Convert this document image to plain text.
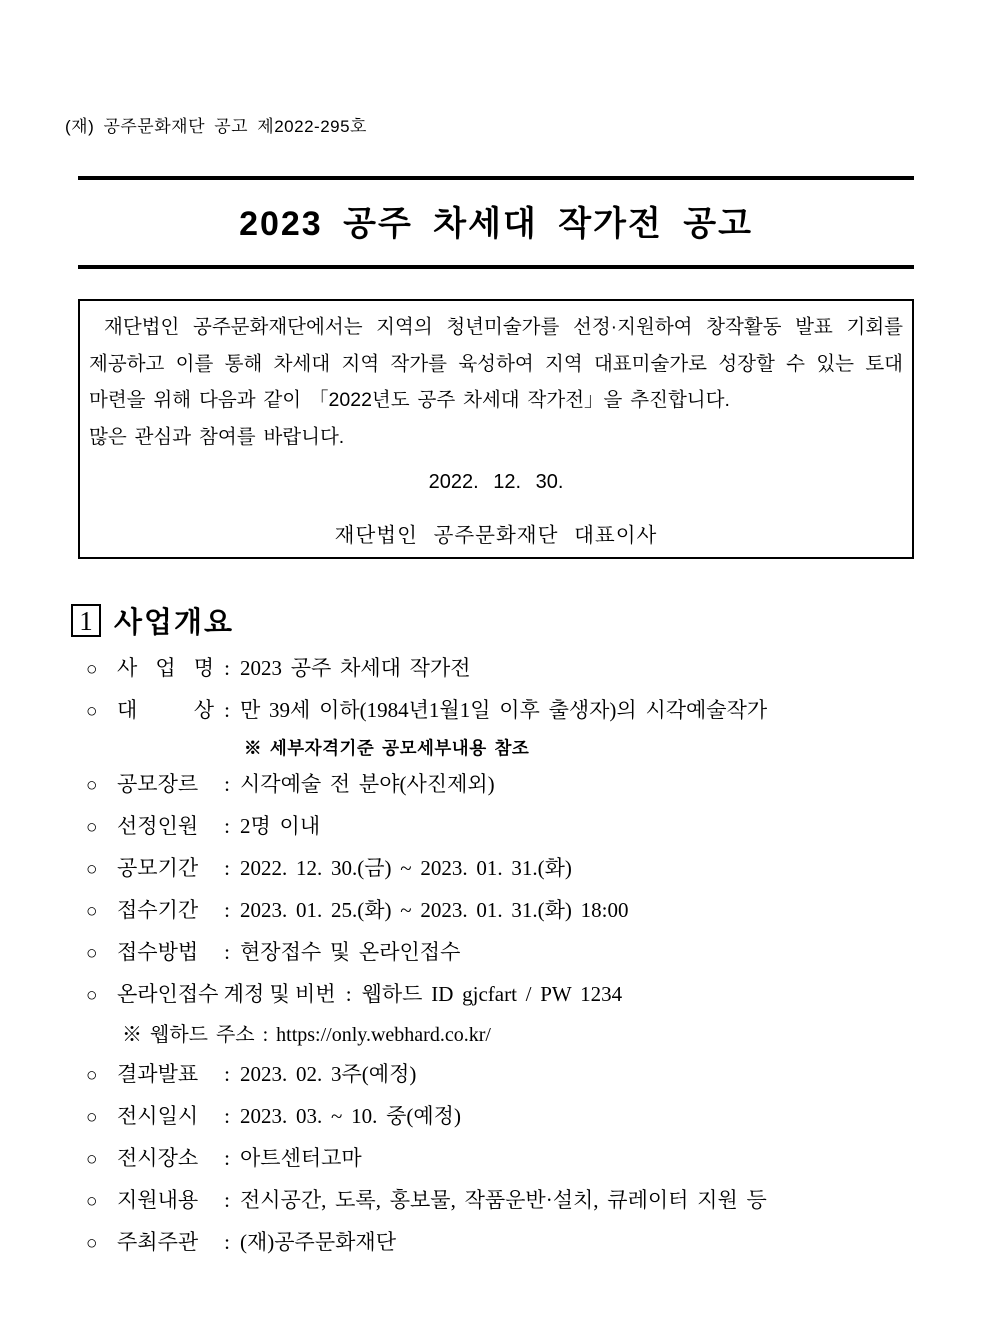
(재) 공주문화재단 공고 제2022-295호
2023 공주 차세대 작가전 공고
재단법인 공주문화재단에서는 지역의 청년미술가를 선정·지원하여 창작활동 발표 기회를
제공하고 이를 통해 차세대 지역 작가를 육성하여 지역 대표미술가로 성장할 수 있는 토대
마련을 위해 다음과 같이 「2022년도 공주 차세대 작가전」을 추진합니다.
많은 관심과 참여를 바랍니다.
2022. 12. 30.
재단법인 공주문화재단 대표이사
1 사업개요
○ 사 업 명 : 2023 공주 차세대 작가전
○ 대 상 : 만 39세 이하(1984년1월1일 이후 출생자)의 시각예술작가
※ 세부자격기준 공모세부내용 참조
○ 공모장르 : 시각예술 전 분야(사진제외)
○ 선정인원 : 2명 이내
○ 공모기간 : 2022. 12. 30.(금) ~ 2023. 01. 31.(화)
○ 접수기간 : 2023. 01. 25.(화) ~ 2023. 01. 31.(화) 18:00
○ 접수방법 : 현장접수 및 온라인접수
○ 온라인접수 계정 및 비번 : 웹하드 ID gjcfart / PW 1234
※ 웹하드 주소 : https://only.webhard.co.kr/
○ 결과발표 : 2023. 02. 3주(예정)
○ 전시일시 : 2023. 03. ~ 10. 중(예정)
○ 전시장소 : 아트센터고마
○ 지원내용 : 전시공간, 도록, 홍보물, 작품운반·설치, 큐레이터 지원 등
○ 주최주관 : (재)공주문화재단
